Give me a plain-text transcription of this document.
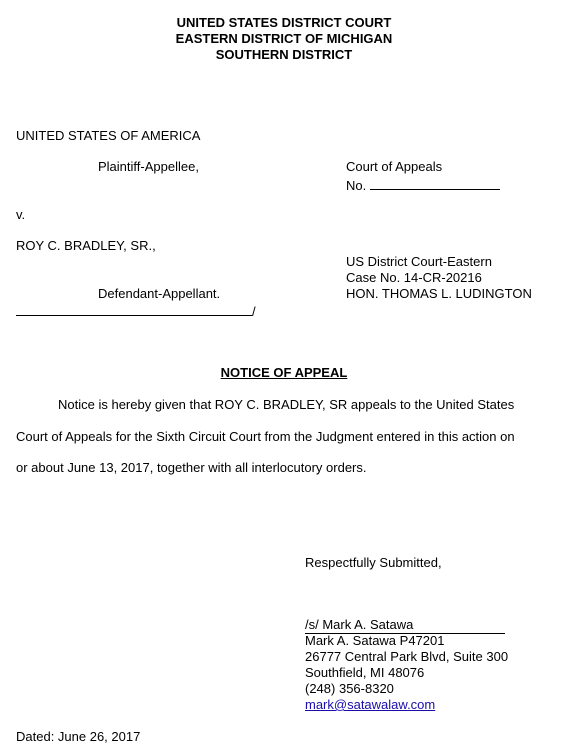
UNITED STATES DISTRICT COURT
EASTERN DISTRICT OF MICHIGAN
SOUTHERN DISTRICT
UNITED STATES OF AMERICA
Plaintiff-Appellee,
v.
ROY C. BRADLEY, SR.,
Defendant-Appellant.
/
Court of Appeals
No.
US District Court-Eastern
Case No. 14-CR-20216
HON. THOMAS L. LUDINGTON
NOTICE OF APPEAL
Notice is hereby given that ROY C. BRADLEY, SR appeals to the United States
Court of Appeals for the Sixth Circuit Court from the Judgment entered in this action on
or about June 13, 2017, together with all interlocutory orders.
Respectfully Submitted,
/s/ Mark A. Satawa
Mark A. Satawa P47201
26777 Central Park Blvd, Suite 300
Southfield, MI 48076
(248) 356-8320
mark@satawalaw.com
Dated: June 26, 2017
